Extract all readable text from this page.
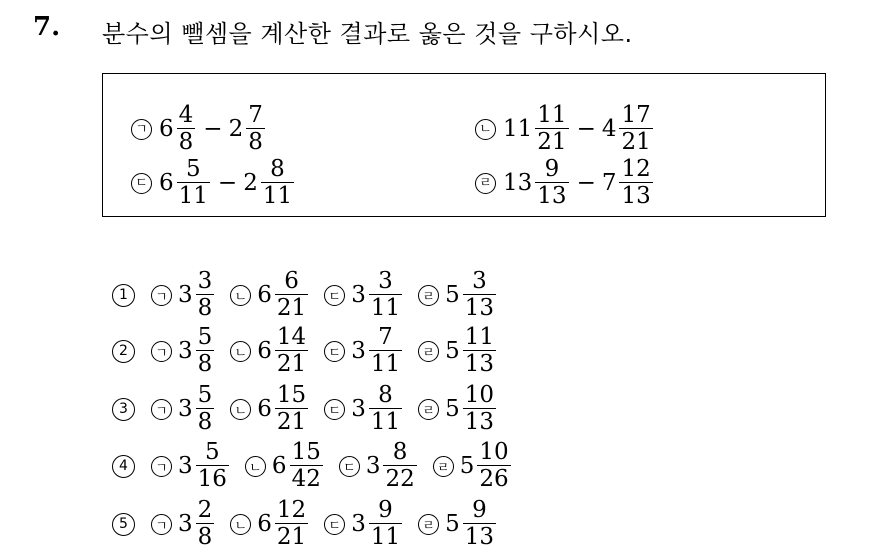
7. 분수의 뺄셈을 계산한 결과로 옳은 것을 구하시오.
ㄱ $6 \frac{4}{8} - 2 \frac{7}{8}$	ㄴ $11 \frac{11}{21} - 4 \frac{17}{21}$
ㄷ $6 \frac{5}{11} - 2 \frac{8}{11}$	ㄹ $13 \frac{9}{13} - 7 \frac{12}{13}$
1	ㄱ $3 \frac{3}{8}$	ㄴ $6 \frac{6}{21}$	ㄷ $3 \frac{3}{11}$	ㄹ $5 \frac{3}{13}$
2	ㄱ $3 \frac{5}{8}$	ㄴ $6 \frac{14}{21}$	ㄷ $3 \frac{7}{11}$	ㄹ $5 \frac{11}{13}$
3	ㄱ $3 \frac{5}{8}$	ㄴ $6 \frac{15}{21}$	ㄷ $3 \frac{8}{11}$	ㄹ $5 \frac{10}{13}$
4	ㄱ $3 \frac{5}{16}$	ㄴ $6 \frac{15}{42}$	ㄷ $3 \frac{8}{22}$	ㄹ $5 \frac{10}{26}$
5	ㄱ $3 \frac{2}{8}$	ㄴ $6 \frac{12}{21}$	ㄷ $3 \frac{9}{11}$	ㄹ $5 \frac{9}{13}$
